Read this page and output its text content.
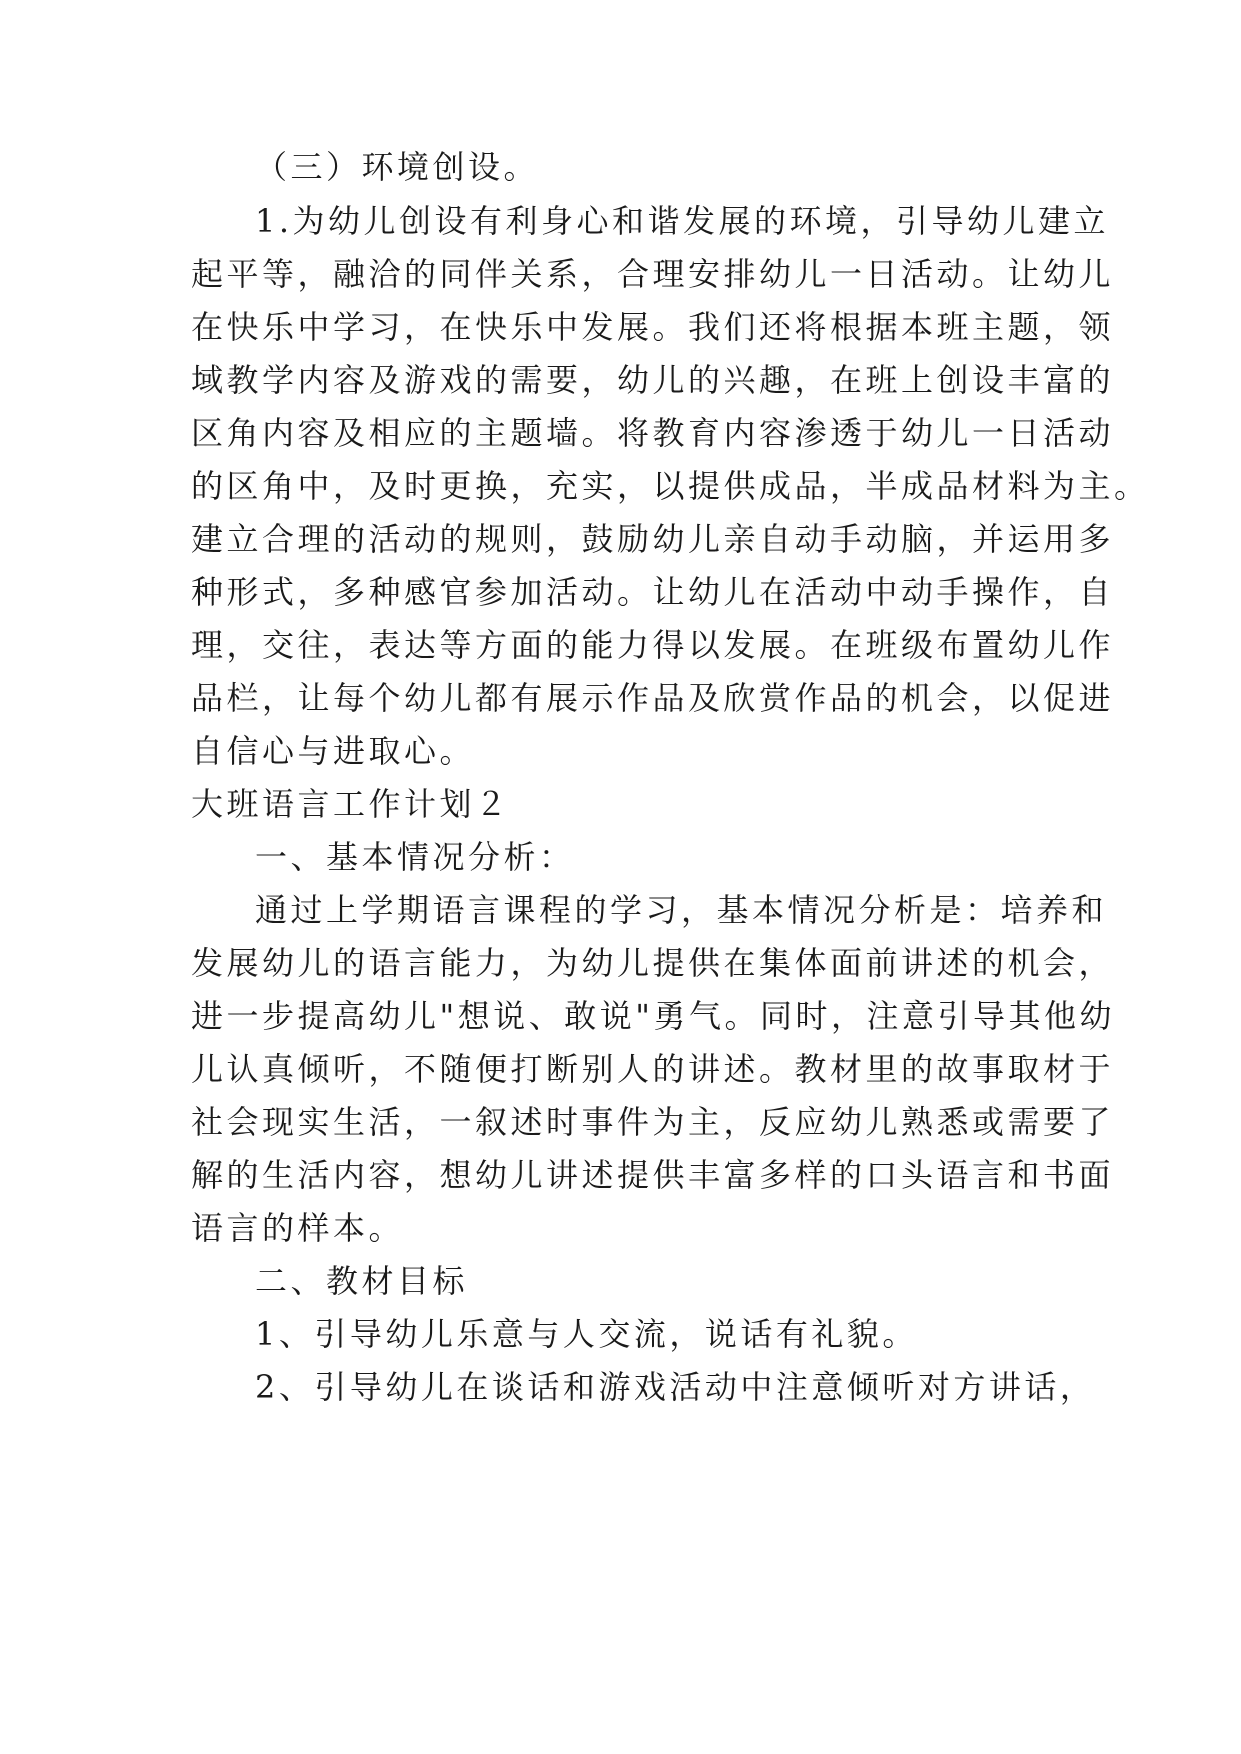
（三）环境创设。
1.为幼儿创设有利身心和谐发展的环境，引导幼儿建立
起平等，融洽的同伴关系，合理安排幼儿一日活动。让幼儿
在快乐中学习，在快乐中发展。我们还将根据本班主题，领
域教学内容及游戏的需要，幼儿的兴趣，在班上创设丰富的
区角内容及相应的主题墙。将教育内容渗透于幼儿一日活动
的区角中，及时更换，充实，以提供成品，半成品材料为主。
建立合理的活动的规则，鼓励幼儿亲自动手动脑，并运用多
种形式，多种感官参加活动。让幼儿在活动中动手操作，自
理，交往，表达等方面的能力得以发展。在班级布置幼儿作
品栏，让每个幼儿都有展示作品及欣赏作品的机会，以促进
自信心与进取心。
大班语言工作计划２
一、基本情况分析：
通过上学期语言课程的学习，基本情况分析是：培养和
发展幼儿的语言能力，为幼儿提供在集体面前讲述的机会，
进一步提高幼儿"想说、敢说"勇气。同时，注意引导其他幼
儿认真倾听，不随便打断别人的讲述。教材里的故事取材于
社会现实生活，一叙述时事件为主，反应幼儿熟悉或需要了
解的生活内容，想幼儿讲述提供丰富多样的口头语言和书面
语言的样本。
二、教材目标
1、引导幼儿乐意与人交流，说话有礼貌。
2、引导幼儿在谈话和游戏活动中注意倾听对方讲话，
